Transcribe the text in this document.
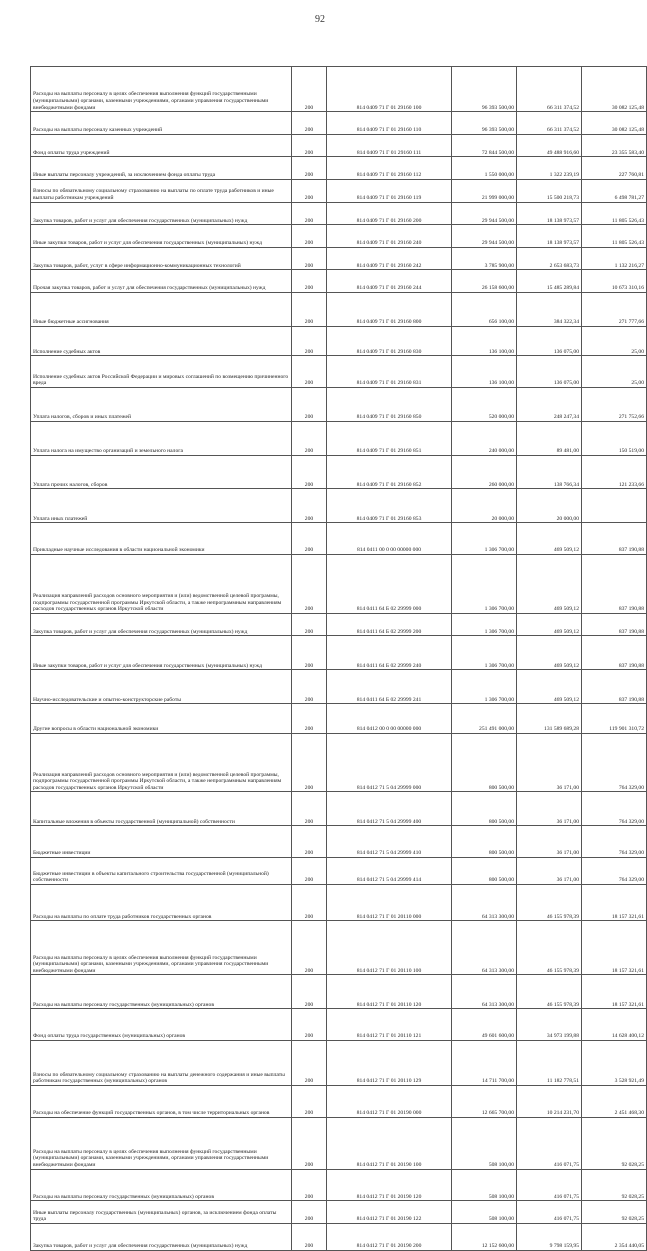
92
Расходы на выплаты персоналу в целях обеспечения выполнения функций государственными (муниципальными) органами, казенными учреждениями, органами управления государственными внебюджетными фондами	200	814 0409 71 Г 01 29160 100	96 393 500,00	66 311 374,52	30 082 125,48
Расходы на выплаты персоналу казенных учреждений	200	814 0409 71 Г 01 29160 110	96 393 500,00	66 311 374,52	30 082 125,48
Фонд оплаты труда учреждений	200	814 0409 71 Г 01 29160 111	72 844 500,00	49 488 916,60	23 355 583,40
Иные выплаты персоналу учреждений, за исключением фонда оплаты труда	200	814 0409 71 Г 01 29160 112	1 550 000,00	1 322 239,19	227 760,81
Взносы по обязательному социальному страхованию на выплаты по оплате труда работников и иные выплаты работникам учреждений	200	814 0409 71 Г 01 29160 119	21 999 000,00	15 500 218,73	6 498 781,27
Закупка товаров, работ и услуг для обеспечения государственных (муниципальных) нужд	200	814 0409 71 Г 01 29160 200	29 944 500,00	18 138 973,57	11 805 526,43
Иные закупки товаров, работ и услуг для обеспечения государственных (муниципальных) нужд	200	814 0409 71 Г 01 29160 240	29 944 500,00	18 138 973,57	11 805 526,43
Закупка товаров, работ, услуг в сфере информационно-коммуникационных технологий	200	814 0409 71 Г 01 29160 242	3 785 900,00	2 653 683,73	1 132 216,27
Прочая закупка товаров, работ и услуг для обеспечения государственных (муниципальных) нужд	200	814 0409 71 Г 01 29160 244	26 158 600,00	15 485 289,84	10 673 310,16
Иные бюджетные ассигнования	200	814 0409 71 Г 01 29160 800	656 100,00	384 322,34	271 777,66
Исполнение судебных актов	200	814 0409 71 Г 01 29160 830	136 100,00	136 075,00	25,00
Исполнение судебных актов Российской Федерации и мировых соглашений по возмещению причиненного вреда	200	814 0409 71 Г 01 29160 831	136 100,00	136 075,00	25,00
Уплата налогов, сборов и иных платежей	200	814 0409 71 Г 01 29160 850	520 000,00	248 247,34	271 752,66
Уплата налога на имущество организаций и земельного налога	200	814 0409 71 Г 01 29160 851	240 000,00	89 481,00	150 519,00
Уплата прочих налогов, сборов	200	814 0409 71 Г 01 29160 852	260 000,00	138 766,34	121 233,66
Уплата иных платежей	200	814 0409 71 Г 01 29160 853	20 000,00	20 000,00	
Прикладные научные исследования в области национальной экономики	200	814 0411 00 0 00 00000 000	1 306 700,00	469 509,12	837 190,88
Реализация направлений расходов основного мероприятия и (или) ведомственной целевой программы, подпрограммы государственной программы Иркутской области, а также непрограммным направлениям расходов государственных органов Иркутской области	200	814 0411 64 Б 02 29999 000	1 306 700,00	469 509,12	837 190,88
Закупка товаров, работ и услуг для обеспечения государственных (муниципальных) нужд	200	814 0411 64 Б 02 29999 200	1 306 700,00	469 509,12	837 190,88
Иные закупки товаров, работ и услуг для обеспечения государственных (муниципальных) нужд	200	814 0411 64 Б 02 29999 240	1 306 700,00	469 509,12	837 190,88
Научно-исследовательские и опытно-конструкторские работы	200	814 0411 64 Б 02 29999 241	1 306 700,00	469 509,12	837 190,88
Другие вопросы в области национальной экономики	200	814 0412 00 0 00 00000 000	251 491 000,00	131 589 689,28	119 901 310,72
Реализация направлений расходов основного мероприятия и (или) ведомственной целевой программы, подпрограммы государственной программы Иркутской области, а также непрограммным направлениям расходов государственных органов Иркутской области	200	814 0412 71 5 04 29999 000	800 500,00	36 171,00	764 329,00
Капитальные вложения в объекты государственной (муниципальной) собственности	200	814 0412 71 5 04 29999 400	800 500,00	36 171,00	764 329,00
Бюджетные инвестиции	200	814 0412 71 5 04 29999 410	800 500,00	36 171,00	764 329,00
Бюджетные инвестиции в объекты капитального строительства государственной (муниципальной) собственности	200	814 0412 71 5 04 29999 414	800 500,00	36 171,00	764 329,00
Расходы на выплаты по оплате труда работников государственных органов	200	814 0412 71 Г 01 20110 000	64 313 300,00	46 155 978,39	18 157 321,61
Расходы на выплаты персоналу в целях обеспечения выполнения функций государственными (муниципальными) органами, казенными учреждениями, органами управления государственными внебюджетными фондами	200	814 0412 71 Г 01 20110 100	64 313 300,00	46 155 978,39	18 157 321,61
Расходы на выплаты персоналу государственных (муниципальных) органов	200	814 0412 71 Г 01 20110 120	64 313 300,00	46 155 978,39	18 157 321,61
Фонд оплаты труда государственных (муниципальных) органов	200	814 0412 71 Г 01 20110 121	49 601 600,00	34 973 199,88	14 628 400,12
Взносы по обязательному социальному страхованию на выплаты денежного содержания и иные выплаты работникам государственных (муниципальных) органов	200	814 0412 71 Г 01 20110 129	14 711 700,00	11 182 778,51	3 528 921,49
Расходы на обеспечение функций государственных органов, в том числе территориальных органов	200	814 0412 71 Г 01 20190 000	12 665 700,00	10 214 231,70	2 451 468,30
Расходы на выплаты персоналу в целях обеспечения выполнения функций государственными (муниципальными) органами, казенными учреждениями, органами управления государственными внебюджетными фондами	200	814 0412 71 Г 01 20190 100	508 100,00	416 071,75	92 028,25
Расходы на выплаты персоналу государственных (муниципальных) органов	200	814 0412 71 Г 01 20190 120	508 100,00	416 071,75	92 028,25
Иные выплаты персоналу государственных (муниципальных) органов, за исключением фонда оплаты труда	200	814 0412 71 Г 01 20190 122	508 100,00	416 071,75	92 028,25
Закупка товаров, работ и услуг для обеспечения государственных (муниципальных) нужд	200	814 0412 71 Г 01 20190 200	12 152 600,00	9 798 159,95	2 354 440,05
